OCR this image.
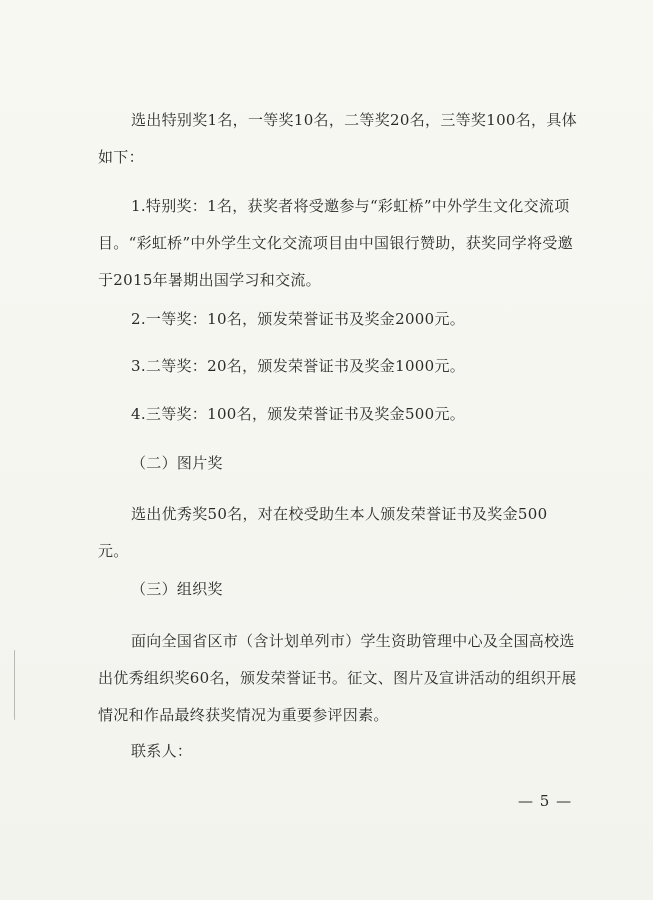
选出特别奖1名，一等奖10名，二等奖20名，三等奖100名，具体如下：
1.特别奖：1名，获奖者将受邀参与“彩虹桥”中外学生文化交流项目。“彩虹桥”中外学生文化交流项目由中国银行赞助，获奖同学将受邀于2015年暑期出国学习和交流。
2.一等奖：10名，颁发荣誉证书及奖金2000元。
3.二等奖：20名，颁发荣誉证书及奖金1000元。
4.三等奖：100名，颁发荣誉证书及奖金500元。
（二）图片奖
选出优秀奖50名，对在校受助生本人颁发荣誉证书及奖金500元。
（三）组织奖
面向全国省区市（含计划单列市）学生资助管理中心及全国高校选出优秀组织奖60名，颁发荣誉证书。征文、图片及宣讲活动的组织开展情况和作品最终获奖情况为重要参评因素。
联系人：
— 5 —
